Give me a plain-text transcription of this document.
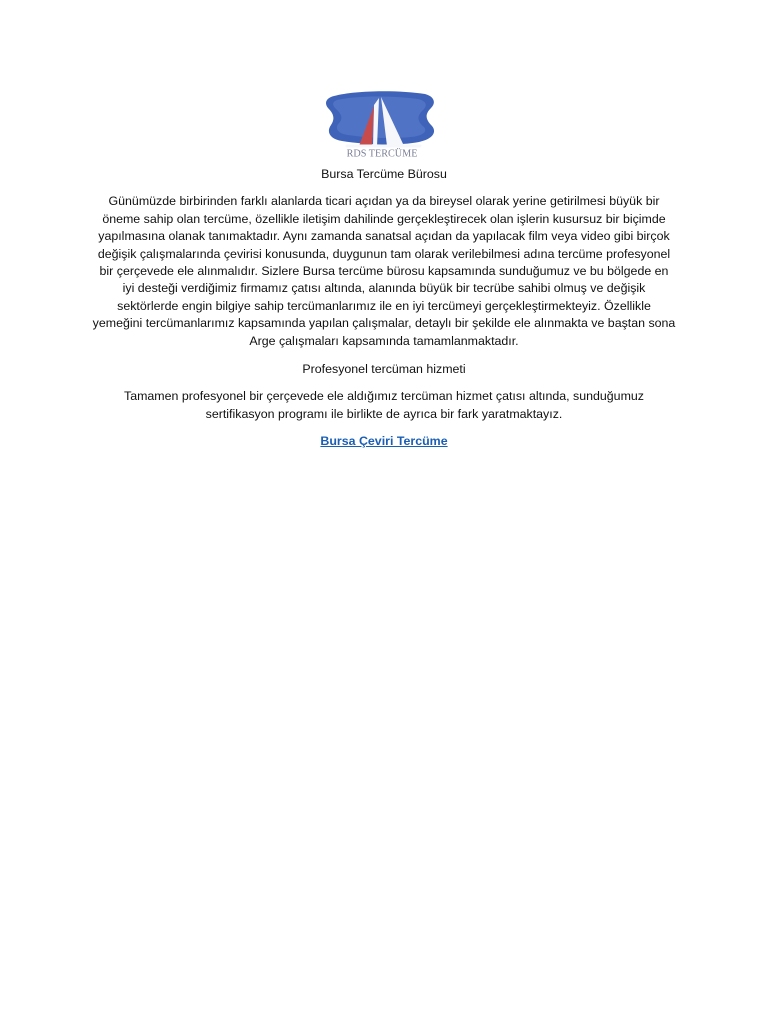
RDS TERCÜME

Bursa Tercüme Bürosu

Günümüzde birbirinden farklı alanlarda ticari açıdan ya da bireysel olarak yerine getirilmesi büyük bir öneme sahip olan tercüme, özellikle iletişim dahilinde gerçekleştirecek olan işlerin kusursuz bir biçimde yapılmasına olanak tanımaktadır. Aynı zamanda sanatsal açıdan da yapılacak film veya video gibi birçok değişik çalışmalarında çevirisi konusunda, duygunun tam olarak verilebilmesi adına tercüme profesyonel bir çerçevede ele alınmalıdır. Sizlere Bursa tercüme bürosu kapsamında sunduğumuz ve bu bölgede en iyi desteği verdiğimiz firmamız çatısı altında, alanında büyük bir tecrübe sahibi olmuş ve değişik sektörlerde engin bilgiye sahip tercümanlarımız ile en iyi tercümeyi gerçekleştirmekteyiz. Özellikle yemeğini tercümanlarımız kapsamında yapılan çalışmalar, detaylı bir şekilde ele alınmakta ve baştan sona Arge çalışmaları kapsamında tamamlanmaktadır.

Profesyonel tercüman hizmeti

Tamamen profesyonel bir çerçevede ele aldığımız tercüman hizmet çatısı altında, sunduğumuz sertifikasyon programı ile birlikte de ayrıca bir fark yaratmaktayız.

Bursa Çeviri Tercüme
